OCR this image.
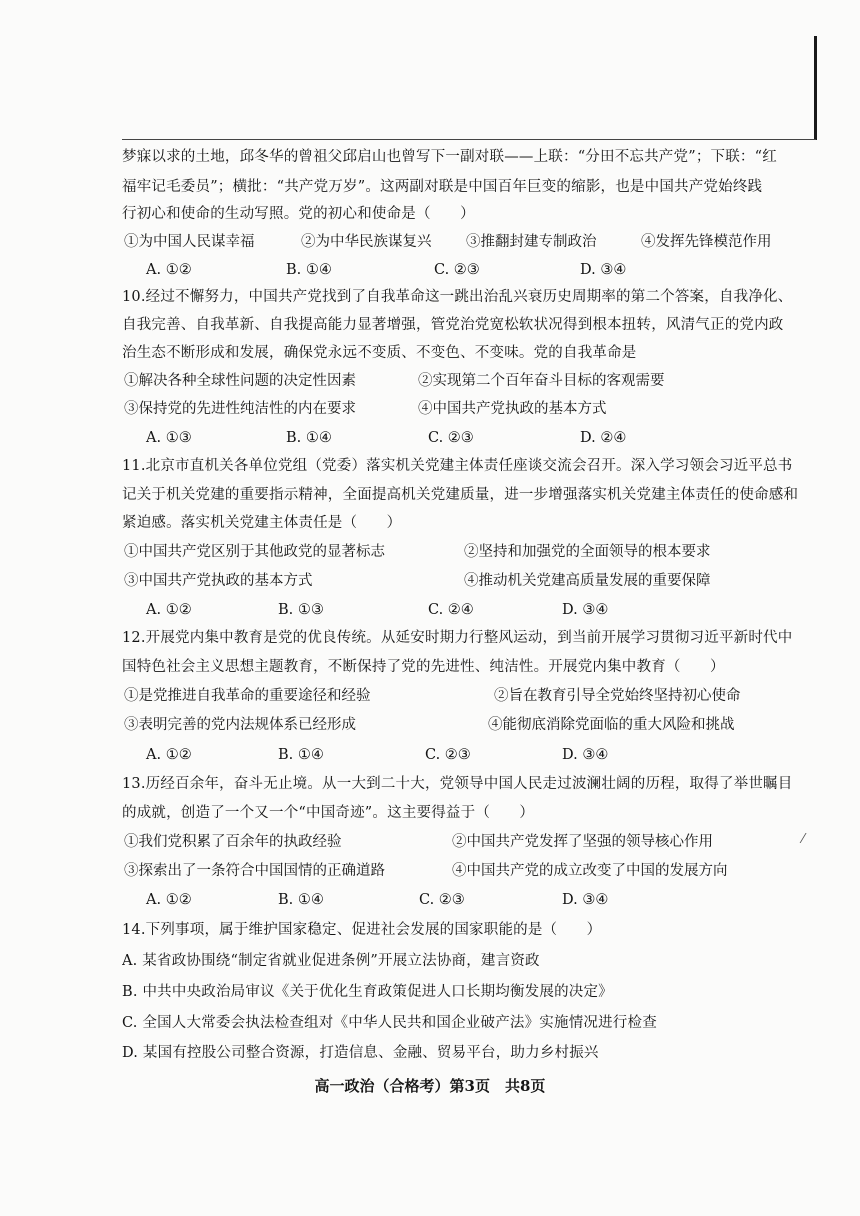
梦寐以求的土地，邱冬华的曾祖父邱启山也曾写下一副对联——上联：“分田不忘共产党”；下联：“红
福牢记毛委员”；横批：“共产党万岁”。这两副对联是中国百年巨变的缩影，也是中国共产党始终践
行初心和使命的生动写照。党的初心和使命是（　　）
①为中国人民谋幸福	②为中华民族谋复兴 ③推翻封建专制政治	④发挥先锋模范作用
A. ①②	B. ①④	C. ②③	D. ③④
10.经过不懈努力，中国共产党找到了自我革命这一跳出治乱兴衰历史周期率的第二个答案，自我净化、
自我完善、自我革新、自我提高能力显著增强，管党治党宽松软状况得到根本扭转，风清气正的党内政
治生态不断形成和发展，确保党永远不变质、不变色、不变味。党的自我革命是
①解决各种全球性问题的决定性因素	②实现第二个百年奋斗目标的客观需要
③保持党的先进性纯洁性的内在要求	④中国共产党执政的基本方式
A. ①③	B. ①④	C. ②③	D. ②④
11.北京市直机关各单位党组（党委）落实机关党建主体责任座谈交流会召开。深入学习领会习近平总书
记关于机关党建的重要指示精神，全面提高机关党建质量，进一步增强落实机关党建主体责任的使命感和
紧迫感。落实机关党建主体责任是（　　）
①中国共产党区别于其他政党的显著标志	②坚持和加强党的全面领导的根本要求
③中国共产党执政的基本方式	④推动机关党建高质量发展的重要保障
A. ①②	B. ①③	C. ②④	D. ③④
12.开展党内集中教育是党的优良传统。从延安时期力行整风运动，到当前开展学习贯彻习近平新时代中
国特色社会主义思想主题教育，不断保持了党的先进性、纯洁性。开展党内集中教育（　　）
①是党推进自我革命的重要途径和经验	②旨在教育引导全党始终坚持初心使命
③表明完善的党内法规体系已经形成	④能彻底消除党面临的重大风险和挑战
A. ①②	B. ①④	C. ②③	D. ③④
13.历经百余年，奋斗无止境。从一大到二十大，党领导中国人民走过波澜壮阔的历程，取得了举世瞩目
的成就，创造了一个又一个“中国奇迹”。这主要得益于（　　）
①我们党积累了百余年的执政经验	②中国共产党发挥了坚强的领导核心作用
③探索出了一条符合中国国情的正确道路	④中国共产党的成立改变了中国的发展方向
A. ①②	B. ①④	C. ②③	D. ③④
⁄
14.下列事项，属于维护国家稳定、促进社会发展的国家职能的是（　　）
A. 某省政协围绕“制定省就业促进条例”开展立法协商，建言资政
B. 中共中央政治局审议《关于优化生育政策促进人口长期均衡发展的决定》
C. 全国人大常委会执法检查组对《中华人民共和国企业破产法》实施情况进行检查
D. 某国有控股公司整合资源，打造信息、金融、贸易平台，助力乡村振兴
高一政治（合格考）第3页　共8页
